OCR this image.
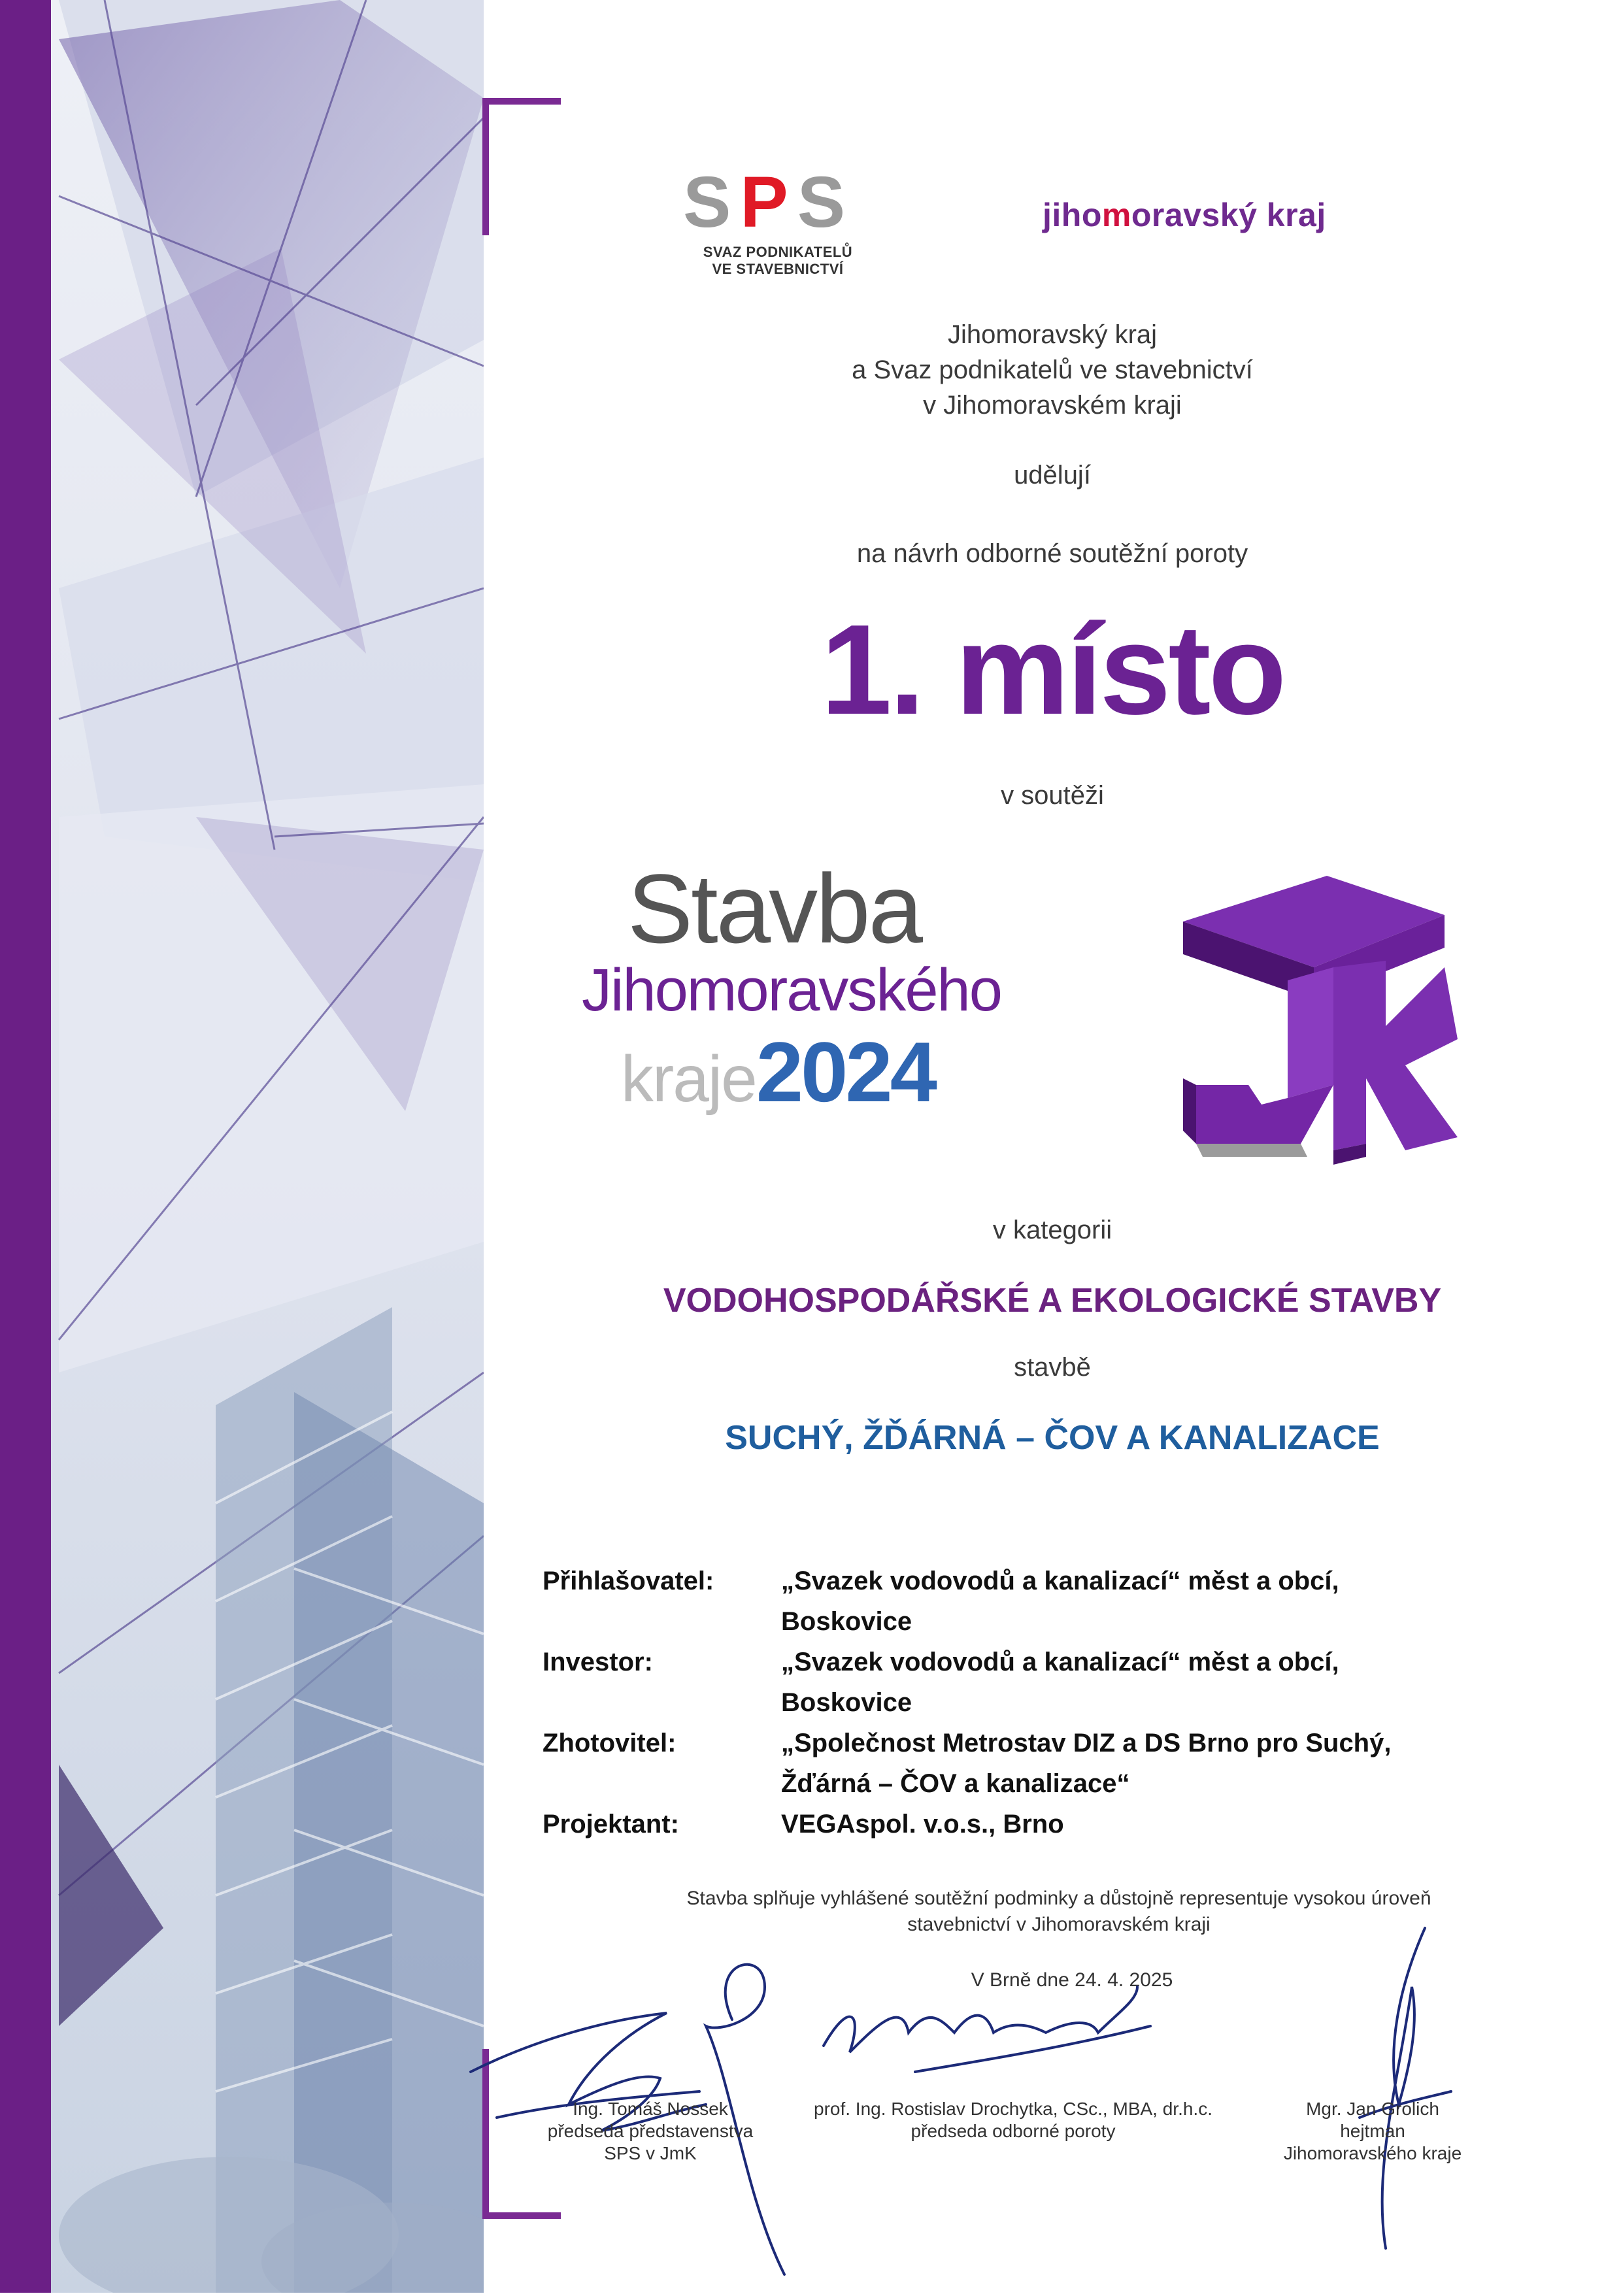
SPS
SVAZ PODNIKATELŮ
VE STAVEBNICTVÍ
jihomoravský kraj
Jihomoravský kraj
a Svaz podnikatelů ve stavebnictví
v Jihomoravském kraji
udělují
na návrh odborné soutěžní poroty
1. místo
v soutěži
Stavba
Jihomoravského
kraje 2024
v kategorii
VODOHOSPODÁŘSKÉ A EKOLOGICKÉ STAVBY
stavbě
SUCHÝ, ŽĎÁRNÁ – ČOV A KANALIZACE
Přihlašovatel:	„Svazek vodovodů a kanalizací“ měst a obcí, Boskovice
Investor:	„Svazek vodovodů a kanalizací“ měst a obcí, Boskovice
Zhotovitel:	„Společnost Metrostav DIZ a DS Brno pro Suchý, Žďárná – ČOV a kanalizace“
Projektant:	VEGAspol. v.o.s., Brno
Stavba splňuje vyhlášené soutěžní podminky a důstojně representuje vysokou úroveň
stavebnictví v Jihomoravském kraji
V Brně dne 24. 4. 2025
Ing. Tomáš Nossek
předseda představenstva
SPS v JmK
prof. Ing. Rostislav Drochytka, CSc., MBA, dr.h.c.
předseda odborné poroty
Mgr. Jan Grolich
hejtman
Jihomoravského kraje
